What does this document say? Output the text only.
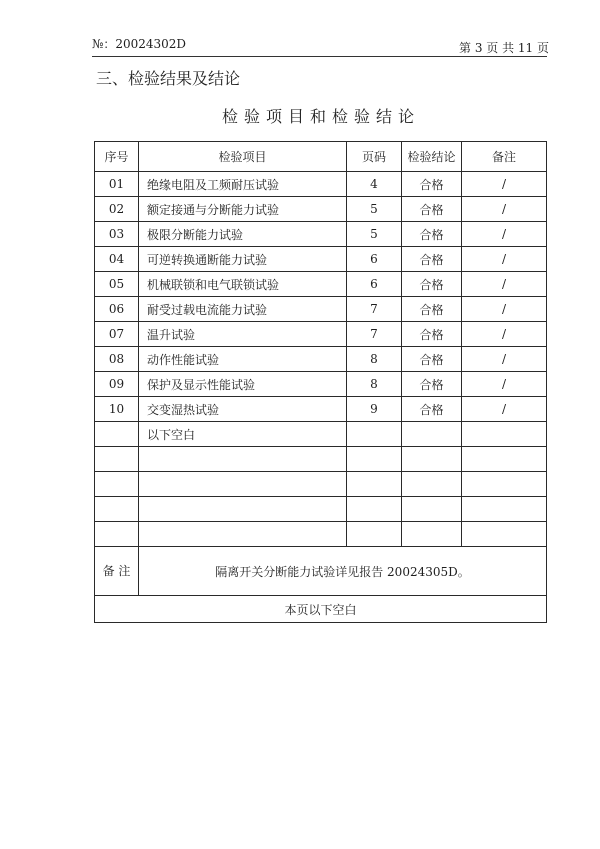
№：20024302D	第 3 页 共 11 页
三、检验结果及结论
检验项目和检验结论
序号	检验项目	页码	检验结论	备注
01	绝缘电阻及工频耐压试验	4	合格	/
02	额定接通与分断能力试验	5	合格	/
03	极限分断能力试验	5	合格	/
04	可逆转换通断能力试验	6	合格	/
05	机械联锁和电气联锁试验	6	合格	/
06	耐受过载电流能力试验	7	合格	/
07	温升试验	7	合格	/
08	动作性能试验	8	合格	/
09	保护及显示性能试验	8	合格	/
10	交变湿热试验	9	合格	/
	以下空白			

备 注	隔离开关分断能力试验详见报告 20024305D。			
本页以下空白				
